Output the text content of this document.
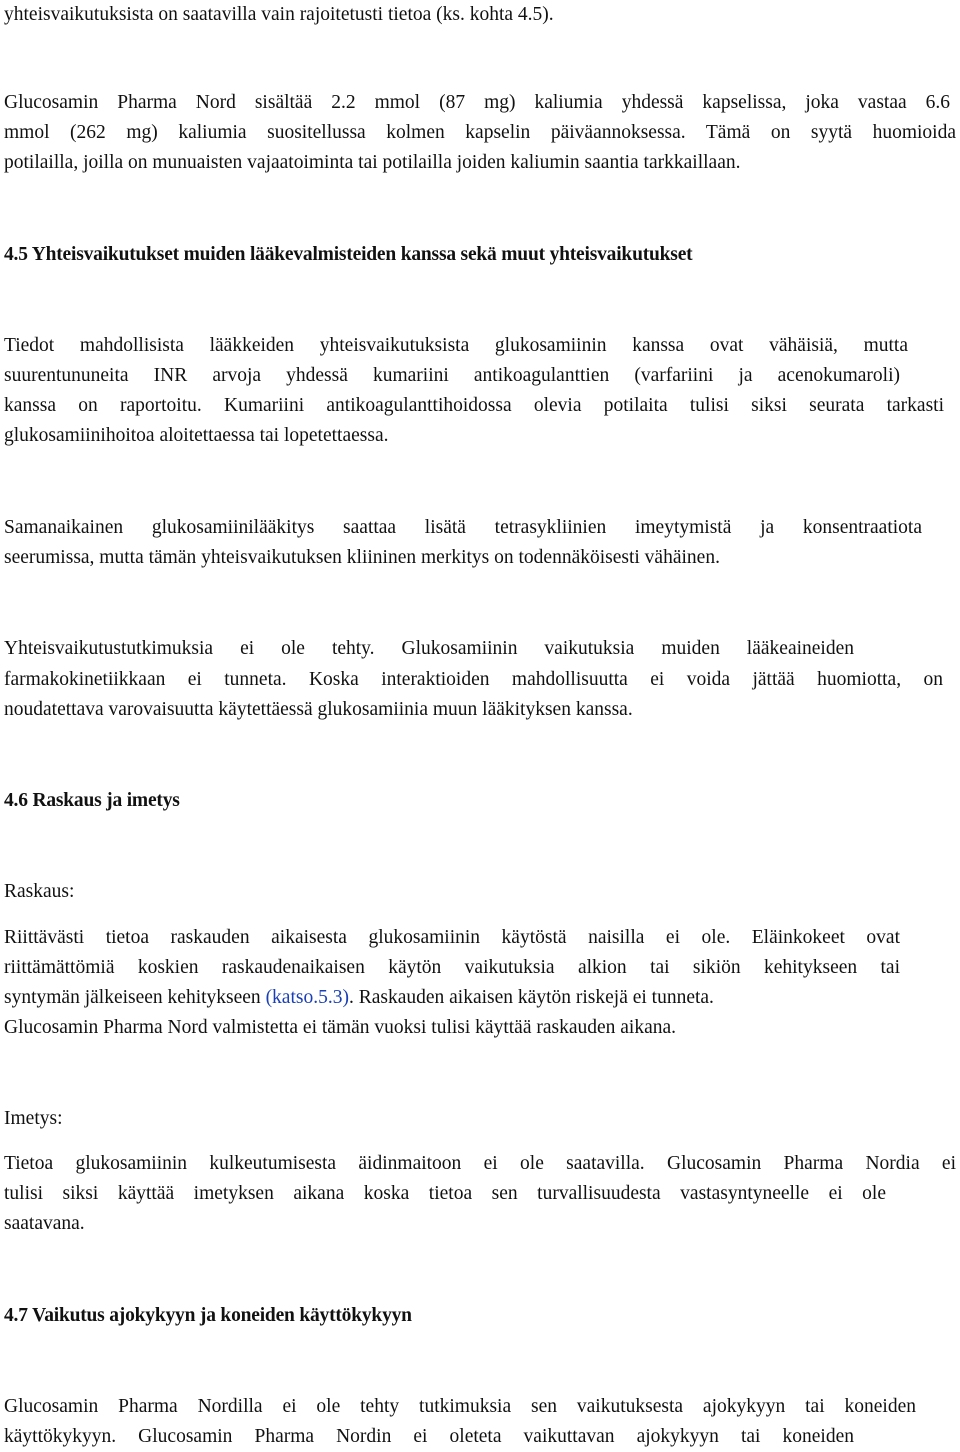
yhteisvaikutuksista on saatavilla vain rajoitetusti tietoa (ks. kohta 4.5).
Glucosamin Pharma Nord sisältää 2.2 mmol (87 mg) kaliumia yhdessä kapselissa, joka vastaa 6.6
mmol (262 mg) kaliumia suositellussa kolmen kapselin päiväannoksessa. Tämä on syytä huomioida
potilailla, joilla on munuaisten vajaatoiminta tai potilailla joiden kaliumin saantia tarkkaillaan.
4.5 Yhteisvaikutukset muiden lääkevalmisteiden kanssa sekä muut yhteisvaikutukset
Tiedot mahdollisista lääkkeiden yhteisvaikutuksista glukosamiinin kanssa ovat vähäisiä, mutta
suurentununeita INR arvoja yhdessä kumariini antikoagulanttien (varfariini ja acenokumaroli)
kanssa on raportoitu. Kumariini antikoagulanttihoidossa olevia potilaita tulisi siksi seurata tarkasti
glukosamiinihoitoa aloitettaessa tai lopetettaessa.
Samanaikainen glukosamiinilääkitys saattaa lisätä tetrasykliinien imeytymistä ja konsentraatiota
seerumissa, mutta tämän yhteisvaikutuksen kliininen merkitys on todennäköisesti vähäinen.
Yhteisvaikutustutkimuksia ei ole tehty. Glukosamiinin vaikutuksia muiden lääkeaineiden
farmakokinetiikkaan ei tunneta. Koska interaktioiden mahdollisuutta ei voida jättää huomiotta, on
noudatettava varovaisuutta käytettäessä glukosamiinia muun lääkityksen kanssa.
4.6 Raskaus ja imetys
Raskaus:
Riittävästi tietoa raskauden aikaisesta glukosamiinin käytöstä naisilla ei ole. Eläinkokeet ovat
riittämättömiä koskien raskaudenaikaisen käytön vaikutuksia alkion tai sikiön kehitykseen tai
syntymän jälkeiseen kehitykseen (katso.5.3). Raskauden aikaisen käytön riskejä ei tunneta.
Glucosamin Pharma Nord valmistetta ei tämän vuoksi tulisi käyttää raskauden aikana.
Imetys:
Tietoa glukosamiinin kulkeutumisesta äidinmaitoon ei ole saatavilla. Glucosamin Pharma Nordia ei
tulisi siksi käyttää imetyksen aikana koska tietoa sen turvallisuudesta vastasyntyneelle ei ole
saatavana.
4.7 Vaikutus ajokykyyn ja koneiden käyttökykyyn
Glucosamin Pharma Nordilla ei ole tehty tutkimuksia sen vaikutuksesta ajokykyyn tai koneiden
käyttökykyyn. Glucosamin Pharma Nordin ei oleteta vaikuttavan ajokykyyn tai koneiden
